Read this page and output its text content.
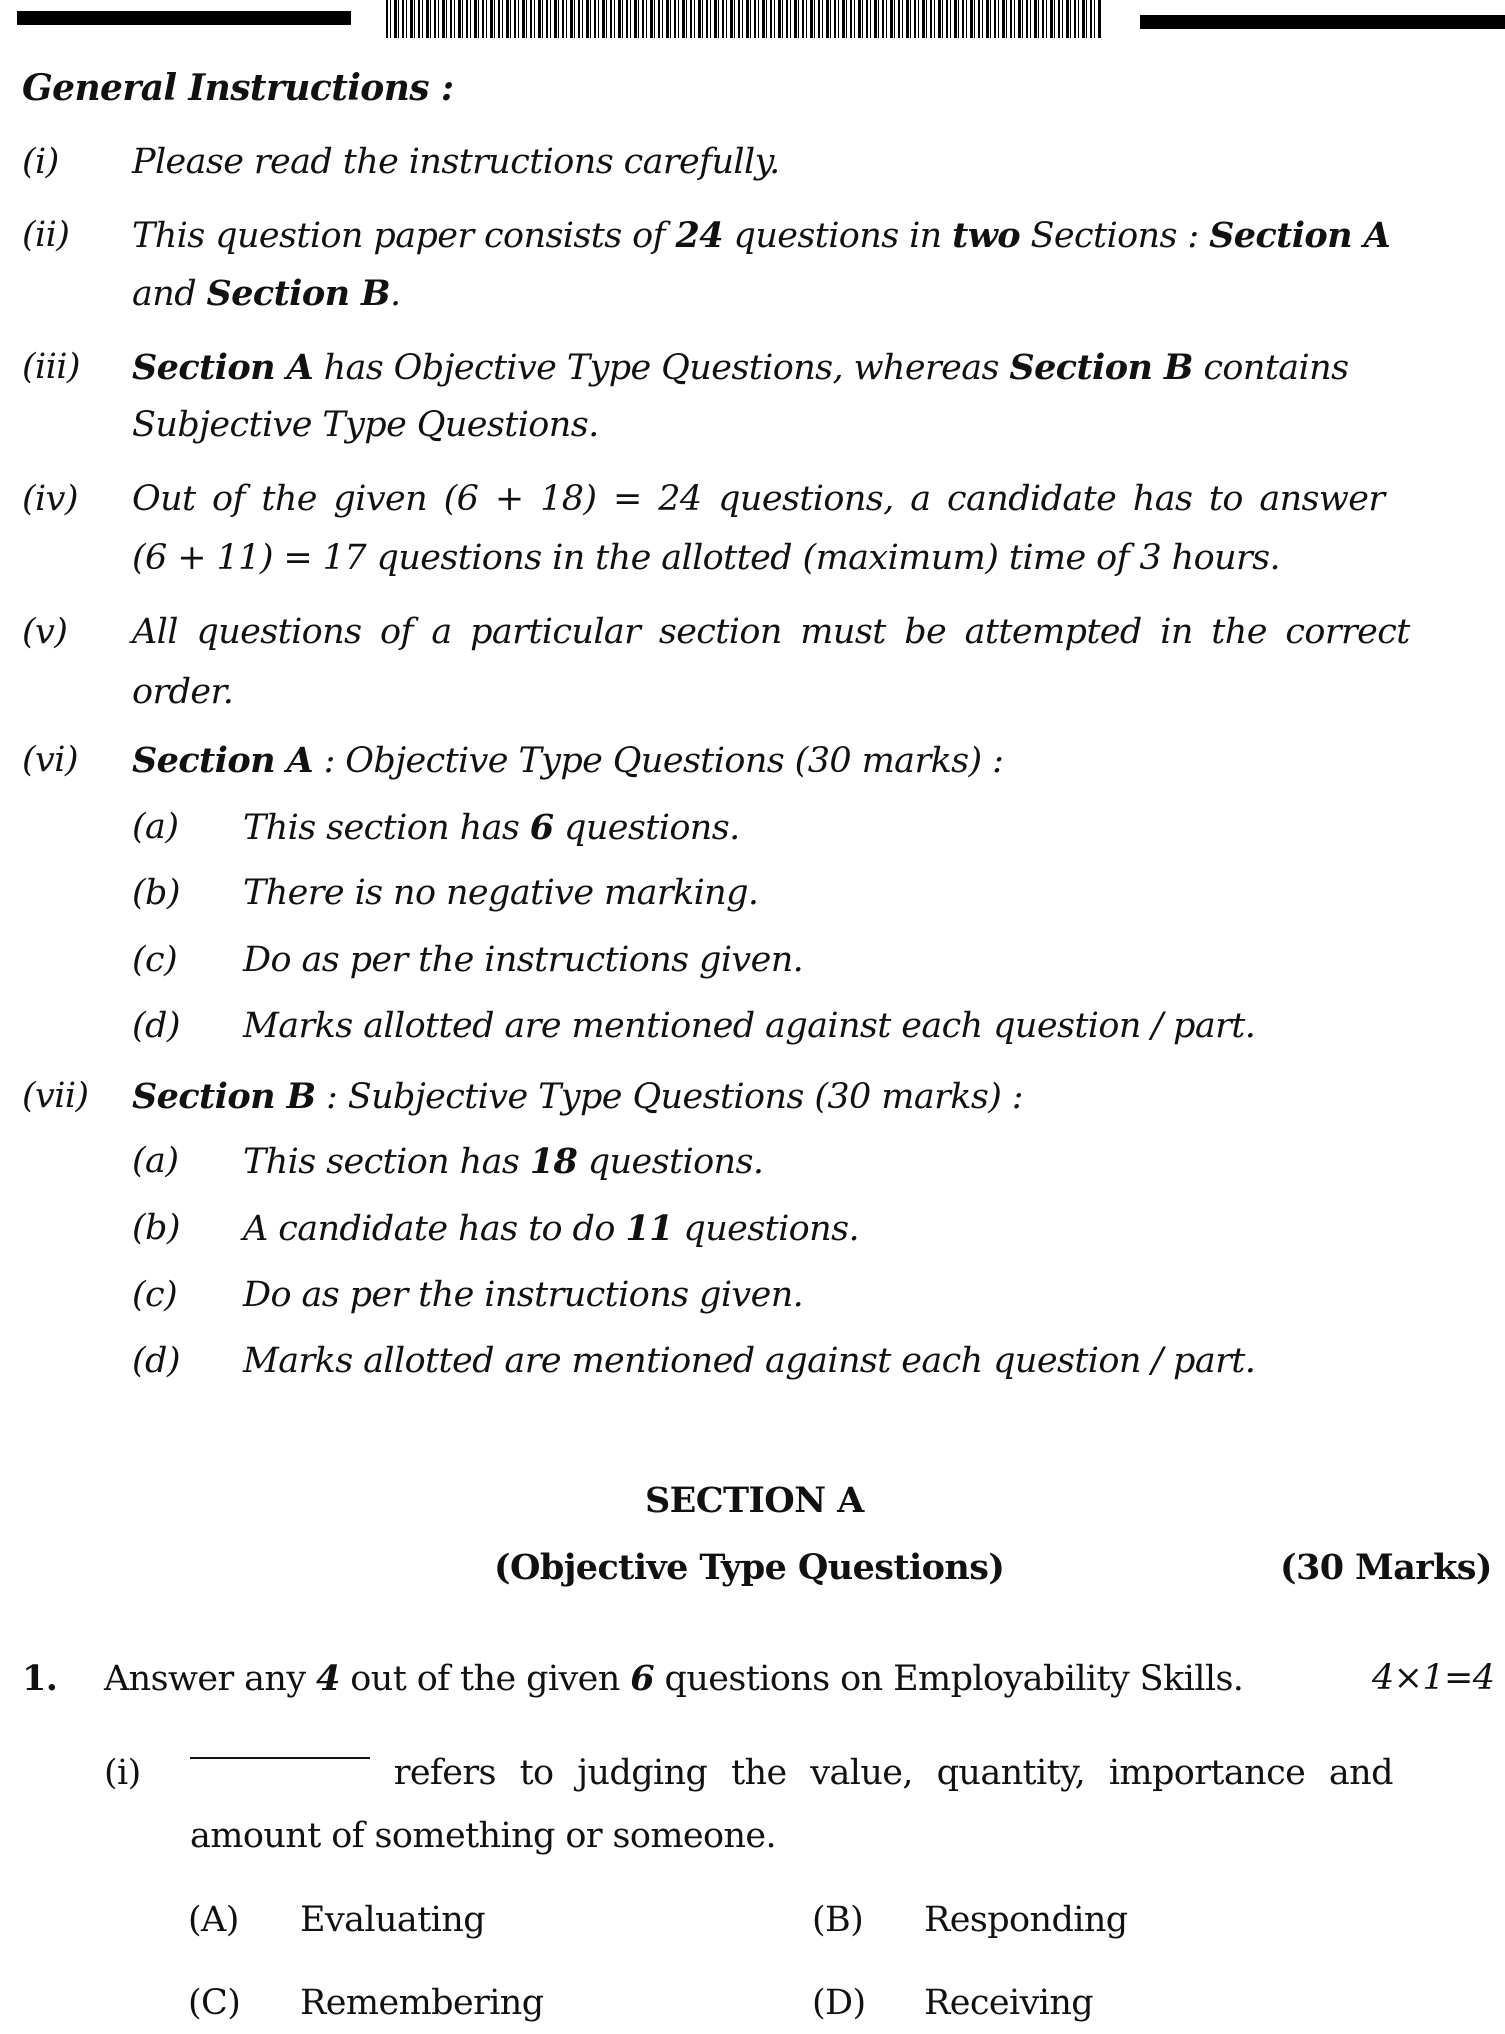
General Instructions :
(i) Please read the instructions carefully.
(ii) This question paper consists of 24 questions in two Sections : Section A
and Section B.
(iii) Section A has Objective Type Questions, whereas Section B contains
Subjective Type Questions.
(iv) Out of the given (6 + 18) = 24 questions, a candidate has to answer
(6 + 11) = 17 questions in the allotted (maximum) time of 3 hours.
(v) All questions of a particular section must be attempted in the correct
order.
(vi) Section A : Objective Type Questions (30 marks) :
(a) This section has 6 questions.
(b) There is no negative marking.
(c) Do as per the instructions given.
(d) Marks allotted are mentioned against each question / part.
(vii) Section B : Subjective Type Questions (30 marks) :
(a) This section has 18 questions.
(b) A candidate has to do 11 questions.
(c) Do as per the instructions given.
(d) Marks allotted are mentioned against each question / part.
SECTION A
(Objective Type Questions)	(30 Marks)
1. Answer any 4 out of the given 6 questions on Employability Skills.	4×1=4
(i)	refers to judging the value, quantity, importance and
amount of something or someone.
(A) Evaluating	(B) Responding
(C) Remembering	(D) Receiving
